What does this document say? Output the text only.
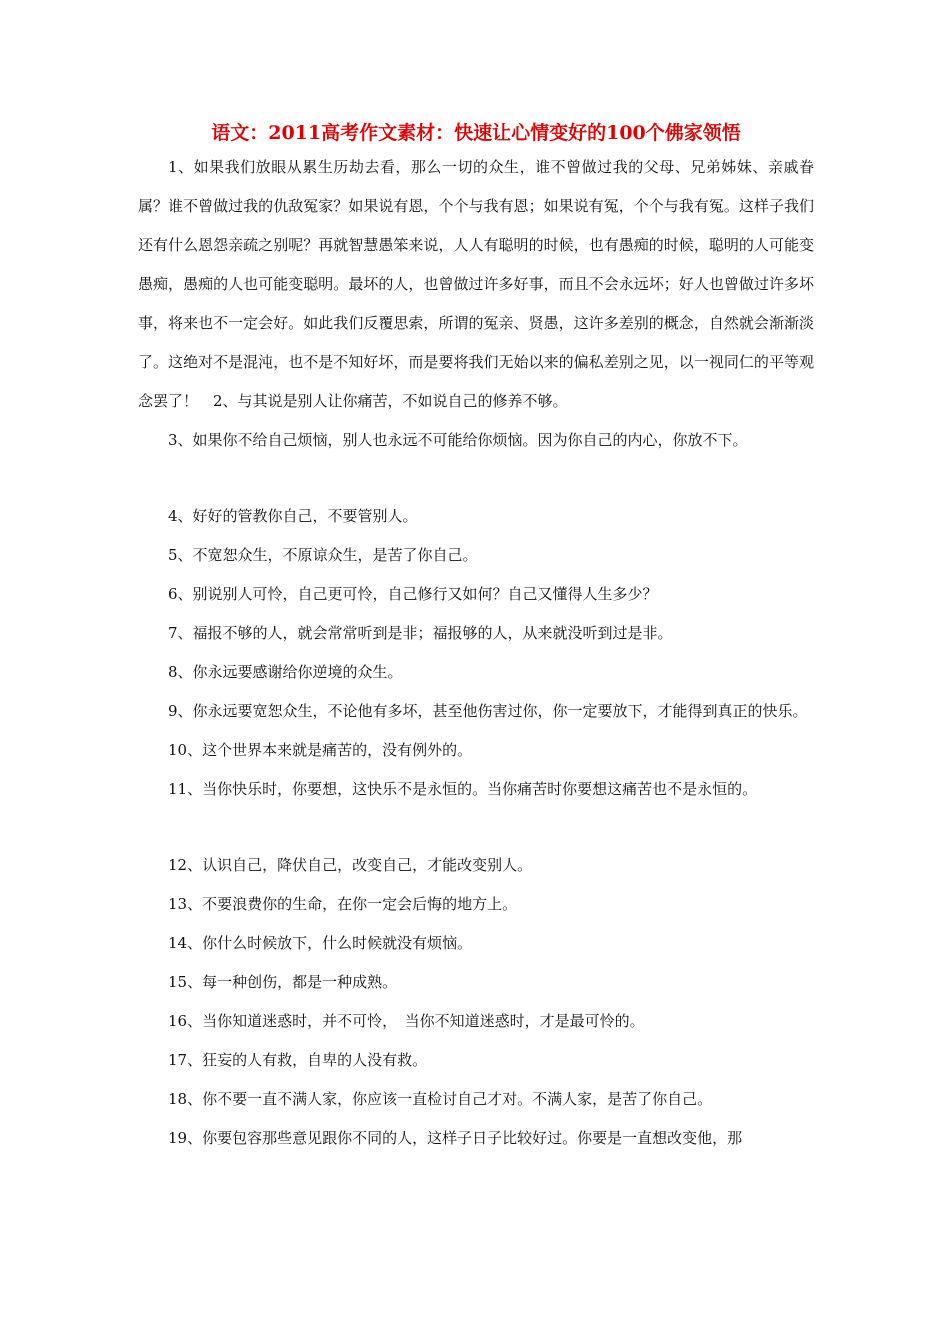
语文：2011高考作文素材：快速让心情变好的100个佛家领悟

1、如果我们放眼从累生历劫去看，那么一切的众生，谁不曾做过我的父母、兄弟姊妹、亲戚眷属？谁不曾做过我的仇敌冤家？如果说有恩，个个与我有恩；如果说有冤，个个与我有冤。这样子我们还有什么恩怨亲疏之别呢？再就智慧愚笨来说，人人有聪明的时候，也有愚痴的时候，聪明的人可能变愚痴，愚痴的人也可能变聪明。最坏的人，也曾做过许多好事，而且不会永远坏；好人也曾做过许多坏事，将来也不一定会好。如此我们反覆思索，所谓的冤亲、贤愚，这许多差别的概念，自然就会渐渐淡了。这绝对不是混沌，也不是不知好坏，而是要将我们无始以来的偏私差别之见，以一视同仁的平等观念罢了！　2、与其说是别人让你痛苦，不如说自己的修养不够。

3、如果你不给自己烦恼，别人也永远不可能给你烦恼。因为你自己的内心，你放不下。

4、好好的管教你自己，不要管别人。

5、不宽恕众生，不原谅众生，是苦了你自己。

6、别说别人可怜，自己更可怜，自己修行又如何？自己又懂得人生多少？

7、福报不够的人，就会常常听到是非；福报够的人，从来就没听到过是非。

8、你永远要感谢给你逆境的众生。

9、你永远要宽恕众生，不论他有多坏，甚至他伤害过你，你一定要放下，才能得到真正的快乐。

10、这个世界本来就是痛苦的，没有例外的。

11、当你快乐时，你要想，这快乐不是永恒的。当你痛苦时你要想这痛苦也不是永恒的。

12、认识自己，降伏自己，改变自己，才能改变别人。

13、不要浪费你的生命，在你一定会后悔的地方上。

14、你什么时候放下，什么时候就没有烦恼。

15、每一种创伤，都是一种成熟。

16、当你知道迷惑时，并不可怜，　当你不知道迷惑时，才是最可怜的。

17、狂妄的人有救，自卑的人没有救。

18、你不要一直不满人家，你应该一直检讨自己才对。不满人家，是苦了你自己。

19、你要包容那些意见跟你不同的人，这样子日子比较好过。你要是一直想改变他，那
